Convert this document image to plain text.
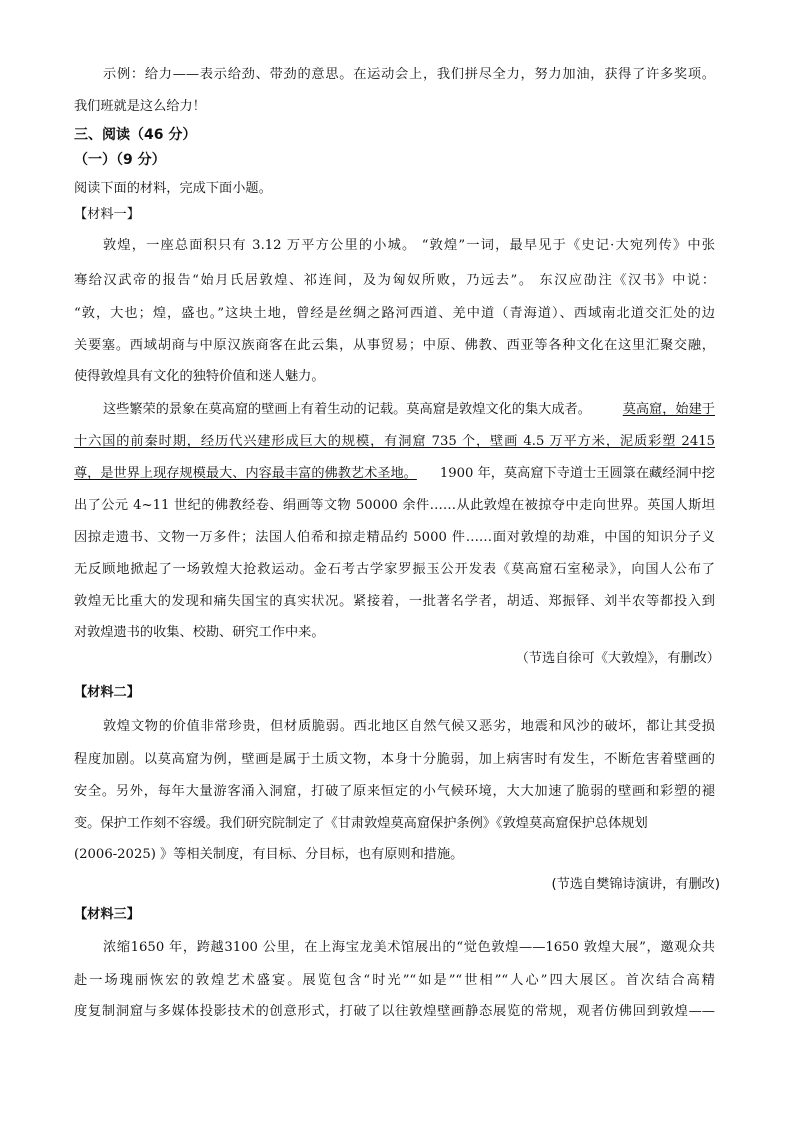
示例：给力——表示给劲、带劲的意思。在运动会上，我们拼尽全力，努力加油，获得了许多奖项。
我们班就是这么给力！
三、阅读（46 分）
（一）（9 分）
阅读下面的材料，完成下面小题。
【材料一】
敦煌，一座总面积只有 3.12 万平方公里的小城。 “敦煌”一词，最早见于《史记·大宛列传》中张
骞给汉武帝的报告“始月氏居敦煌、祁连间，及为匈奴所败，乃远去”。 东汉应劭注《汉书》中说：
“敦，大也；煌，盛也。”这块土地，曾经是丝绸之路河西道、羌中道（青海道）、西域南北道交汇处的边
关要塞。西域胡商与中原汉族商客在此云集，从事贸易；中原、佛教、西亚等各种文化在这里汇聚交融，
使得敦煌具有文化的独特价值和迷人魅力。
这些繁荣的景象在莫高窟的壁画上有着生动的记载。莫高窟是敦煌文化的集大成者。 莫高窟，始建于
十六国的前秦时期，经历代兴建形成巨大的规模，有洞窟 735 个，壁画 4.5 万平方米，泥质彩塑 2415
尊，是世界上现存规模最大、内容最丰富的佛教艺术圣地。 1900 年，莫高窟下寺道士王圆箓在藏经洞中挖
出了公元 4~11 世纪的佛教经卷、绢画等文物 50000 余件……从此敦煌在被掠夺中走向世界。英国人斯坦
因掠走遗书、文物一万多件；法国人伯希和掠走精品约 5000 件……面对敦煌的劫难，中国的知识分子义
无反顾地掀起了一场敦煌大抢救运动。金石考古学家罗振玉公开发表《莫高窟石室秘录》，向国人公布了
敦煌无比重大的发现和痛失国宝的真实状况。紧接着，一批著名学者，胡适、郑振铎、刘半农等都投入到
对敦煌遗书的收集、校勘、研究工作中来。
（节选自徐可《大敦煌》，有删改）
【材料二】
敦煌文物的价值非常珍贵，但材质脆弱。西北地区自然气候又恶劣，地震和风沙的破坏，都让其受损
程度加剧。以莫高窟为例，壁画是属于土质文物，本身十分脆弱，加上病害时有发生，不断危害着壁画的
安全。另外，每年大量游客涌入洞窟，打破了原来恒定的小气候环境，大大加速了脆弱的壁画和彩塑的褪
变。保护工作刻不容缓。我们研究院制定了《甘肃敦煌莫高窟保护条例》《敦煌莫高窟保护总体规划
(2006-2025) 》等相关制度，有目标、分目标，也有原则和措施。
(节选自樊锦诗演讲，有删改)
【材料三】
浓缩1650 年，跨越3100 公里，在上海宝龙美术馆展出的“觉色敦煌——1650 敦煌大展”，邀观众共
赴一场瑰丽恢宏的敦煌艺术盛宴。展览包含“时光”“如是”“世相”“人心”四大展区。首次结合高精
度复制洞窟与多媒体投影技术的创意形式，打破了以往敦煌壁画静态展览的常规，观者仿佛回到敦煌——
